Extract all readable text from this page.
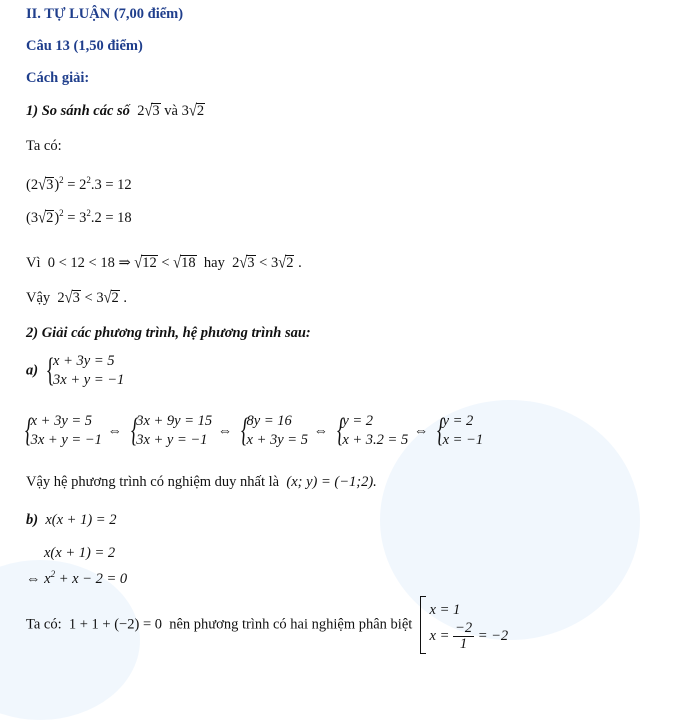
II. TỰ LUẬN (7,00 điểm)
Câu 13 (1,50 điểm)
Cách giải:
1) So sánh các số 2√3 và 3√2
Ta có:
$(2√3)^2 = 2^2.3 = 12$
$(3√2)^2 = 3^2.2 = 18$
Vì 0 < 12 < 18 ⇒ √12 < √18 hay  2√3 < 3√2 .
Vậy  2√3 < 3√2 .
2) Giải các phương trình, hệ phương trình sau:
a) {
x + 3y = 5
3x + y = −1
{
x + 3y = 5
3x + y = −1
⇔ {
3x + 9y = 15
3x + y = −1
⇔ {
8y = 16
x + 3y = 5
⇔ {
y = 2
x + 3.2 = 5
⇔ {
y = 2
x = −1
Vậy hệ phương trình có nghiệm duy nhất là (x; y) = (−1;2).
b) x(x + 1) = 2
x(x + 1) = 2
⇔ $x^2 + x - 2 = 0$
Ta có: 1 + 1 + (−2) = 0 nên phương trình có hai nghiệm phân biệt
x = 1
$x = \frac{-2}{1} = -2$
